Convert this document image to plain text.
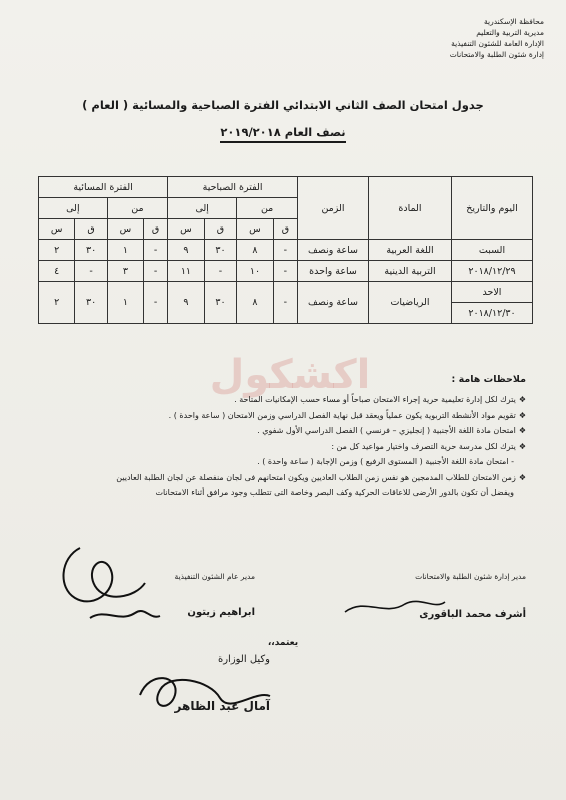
محافظة الإسكندرية
مديرية التربية والتعليم
الإدارة العامة للشئون التنفيذية
إدارة شئون الطلبة والامتحانات
جدول امتحان الصف الثاني الابتدائي الفترة الصباحية والمسائية ( العام )
نصف العام ٢٠١٩/٢٠١٨
اليوم والتاريخ	المادة	الزمن	الفترة الصباحية				الفترة المسائية			
			من		إلى		من		إلى	
			ق	س	ق	س	ق	س	ق	س
السبت	اللغة العربية	ساعة ونصف	-	٨	٣٠	٩	-	١	٣٠	٢
٢٠١٨/١٢/٢٩	التربية الدينية	ساعة واحدة	-	١٠	-	١١	-	٣	-	٤
الاحد	الرياضيات	ساعة ونصف	-	٨	٣٠	٩	-	١	٣٠	٢
٢٠١٨/١٢/٣٠										
اكشكول	ملاحظات هامة :
❖يترك لكل إدارة تعليمية حرية إجراء الامتحان صباحاً أو مساء حسب الإمكانيات المتاحة .
❖تقويم مواد الأنشطة التربوية يكون عملياً ويعقد قبل نهاية الفصل الدراسي وزمن الامتحان ( ساعة واحدة ) .
❖امتحان مادة اللغة الأجنبية ( إنجليزي – فرنسي ) الفصل الدراسي الأول شفوي .
❖يترك لكل مدرسة حرية التصرف واختيار مواعيد كل من :
- امتحان مادة اللغة الأجنبية ( المستوى الرفيع ) وزمن الإجابة ( ساعة واحدة ) .
❖زمن الامتحان للطلاب المدمجين هو نفس زمن الطلاب العاديين ويكون امتحانهم فى لجان منفصلة عن لجان الطلبة العاديين
ويفضل أن تكون بالدور الأرضى للاعاقات الحركية وكف البصر وخاصة التى تتطلب وجود مرافق أثناء الامتحانات
مدير عام الشئون التنفيذية
ابراهيم زيتون
مدير إدارة شئون الطلبة والامتحانات
أشرف محمد الباقورى
يعتمد،،
وكيل الوزارة
آمال عبد الظاهر
